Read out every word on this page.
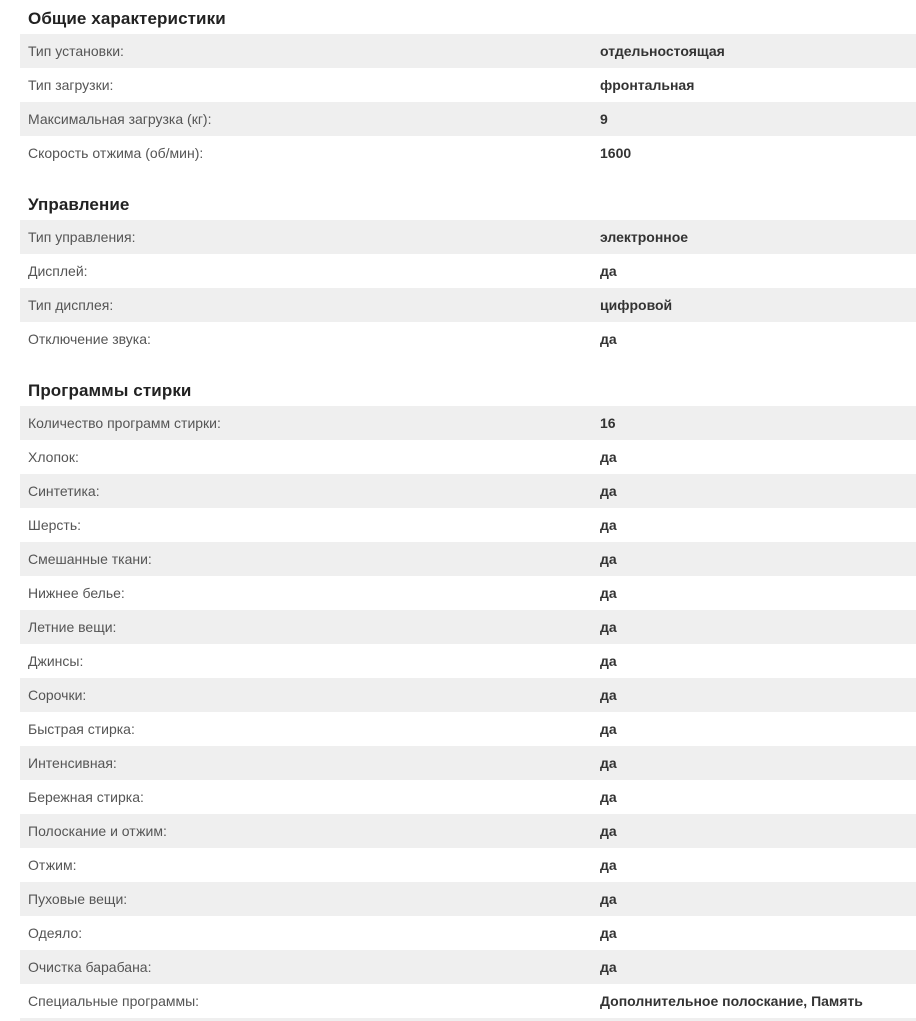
Общие характеристики
Тип установки:	отдельностоящая
Тип загрузки:	фронтальная
Максимальная загрузка (кг):	9
Скорость отжима (об/мин):	1600
Управление
Тип управления:	электронное
Дисплей:	да
Тип дисплея:	цифровой
Отключение звука:	да
Программы стирки
Количество программ стирки:	16
Хлопок:	да
Синтетика:	да
Шерсть:	да
Смешанные ткани:	да
Нижнее белье:	да
Летние вещи:	да
Джинсы:	да
Сорочки:	да
Быстрая стирка:	да
Интенсивная:	да
Бережная стирка:	да
Полоскание и отжим:	да
Отжим:	да
Пуховые вещи:	да
Одеяло:	да
Очистка барабана:	да
Специальные программы:	Дополнительное полоскание, Память
